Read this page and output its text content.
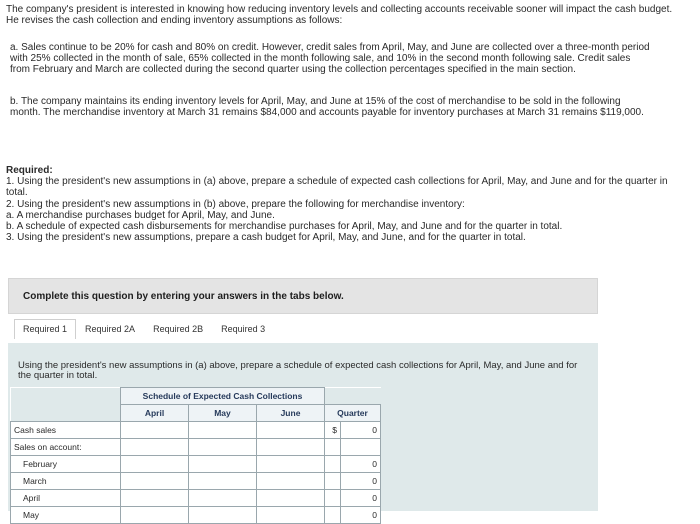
The company's president is interested in knowing how reducing inventory levels and collecting accounts receivable sooner will impact the cash budget. He revises the cash collection and ending inventory assumptions as follows:

a. Sales continue to be 20% for cash and 80% on credit. However, credit sales from April, May, and June are collected over a three-month period with 25% collected in the month of sale, 65% collected in the month following sale, and 10% in the second month following sale. Credit sales from February and March are collected during the second quarter using the collection percentages specified in the main section.

b. The company maintains its ending inventory levels for April, May, and June at 15% of the cost of merchandise to be sold in the following month. The merchandise inventory at March 31 remains $84,000 and accounts payable for inventory purchases at March 31 remains $119,000.

Required:

1. Using the president's new assumptions in (a) above, prepare a schedule of expected cash collections for April, May, and June and for the quarter in total.

2. Using the president's new assumptions in (b) above, prepare the following for merchandise inventory:

a. A merchandise purchases budget for April, May, and June.

b. A schedule of expected cash disbursements for merchandise purchases for April, May, and June and for the quarter in total.

3. Using the president's new assumptions, prepare a cash budget for April, May, and June, and for the quarter in total.

Complete this question by entering your answers in the tabs below.
Required 1	Required 2A	Required 2B	Required 3

Using the president's new assumptions in (a) above, prepare a schedule of expected cash collections for April, May, and June and for the quarter in total.

	Schedule of Expected Cash Collections				
	April	May	June	Quarter	
Cash sales				$	0
Sales on account:					
February					0
March					0
April					0
May					0
